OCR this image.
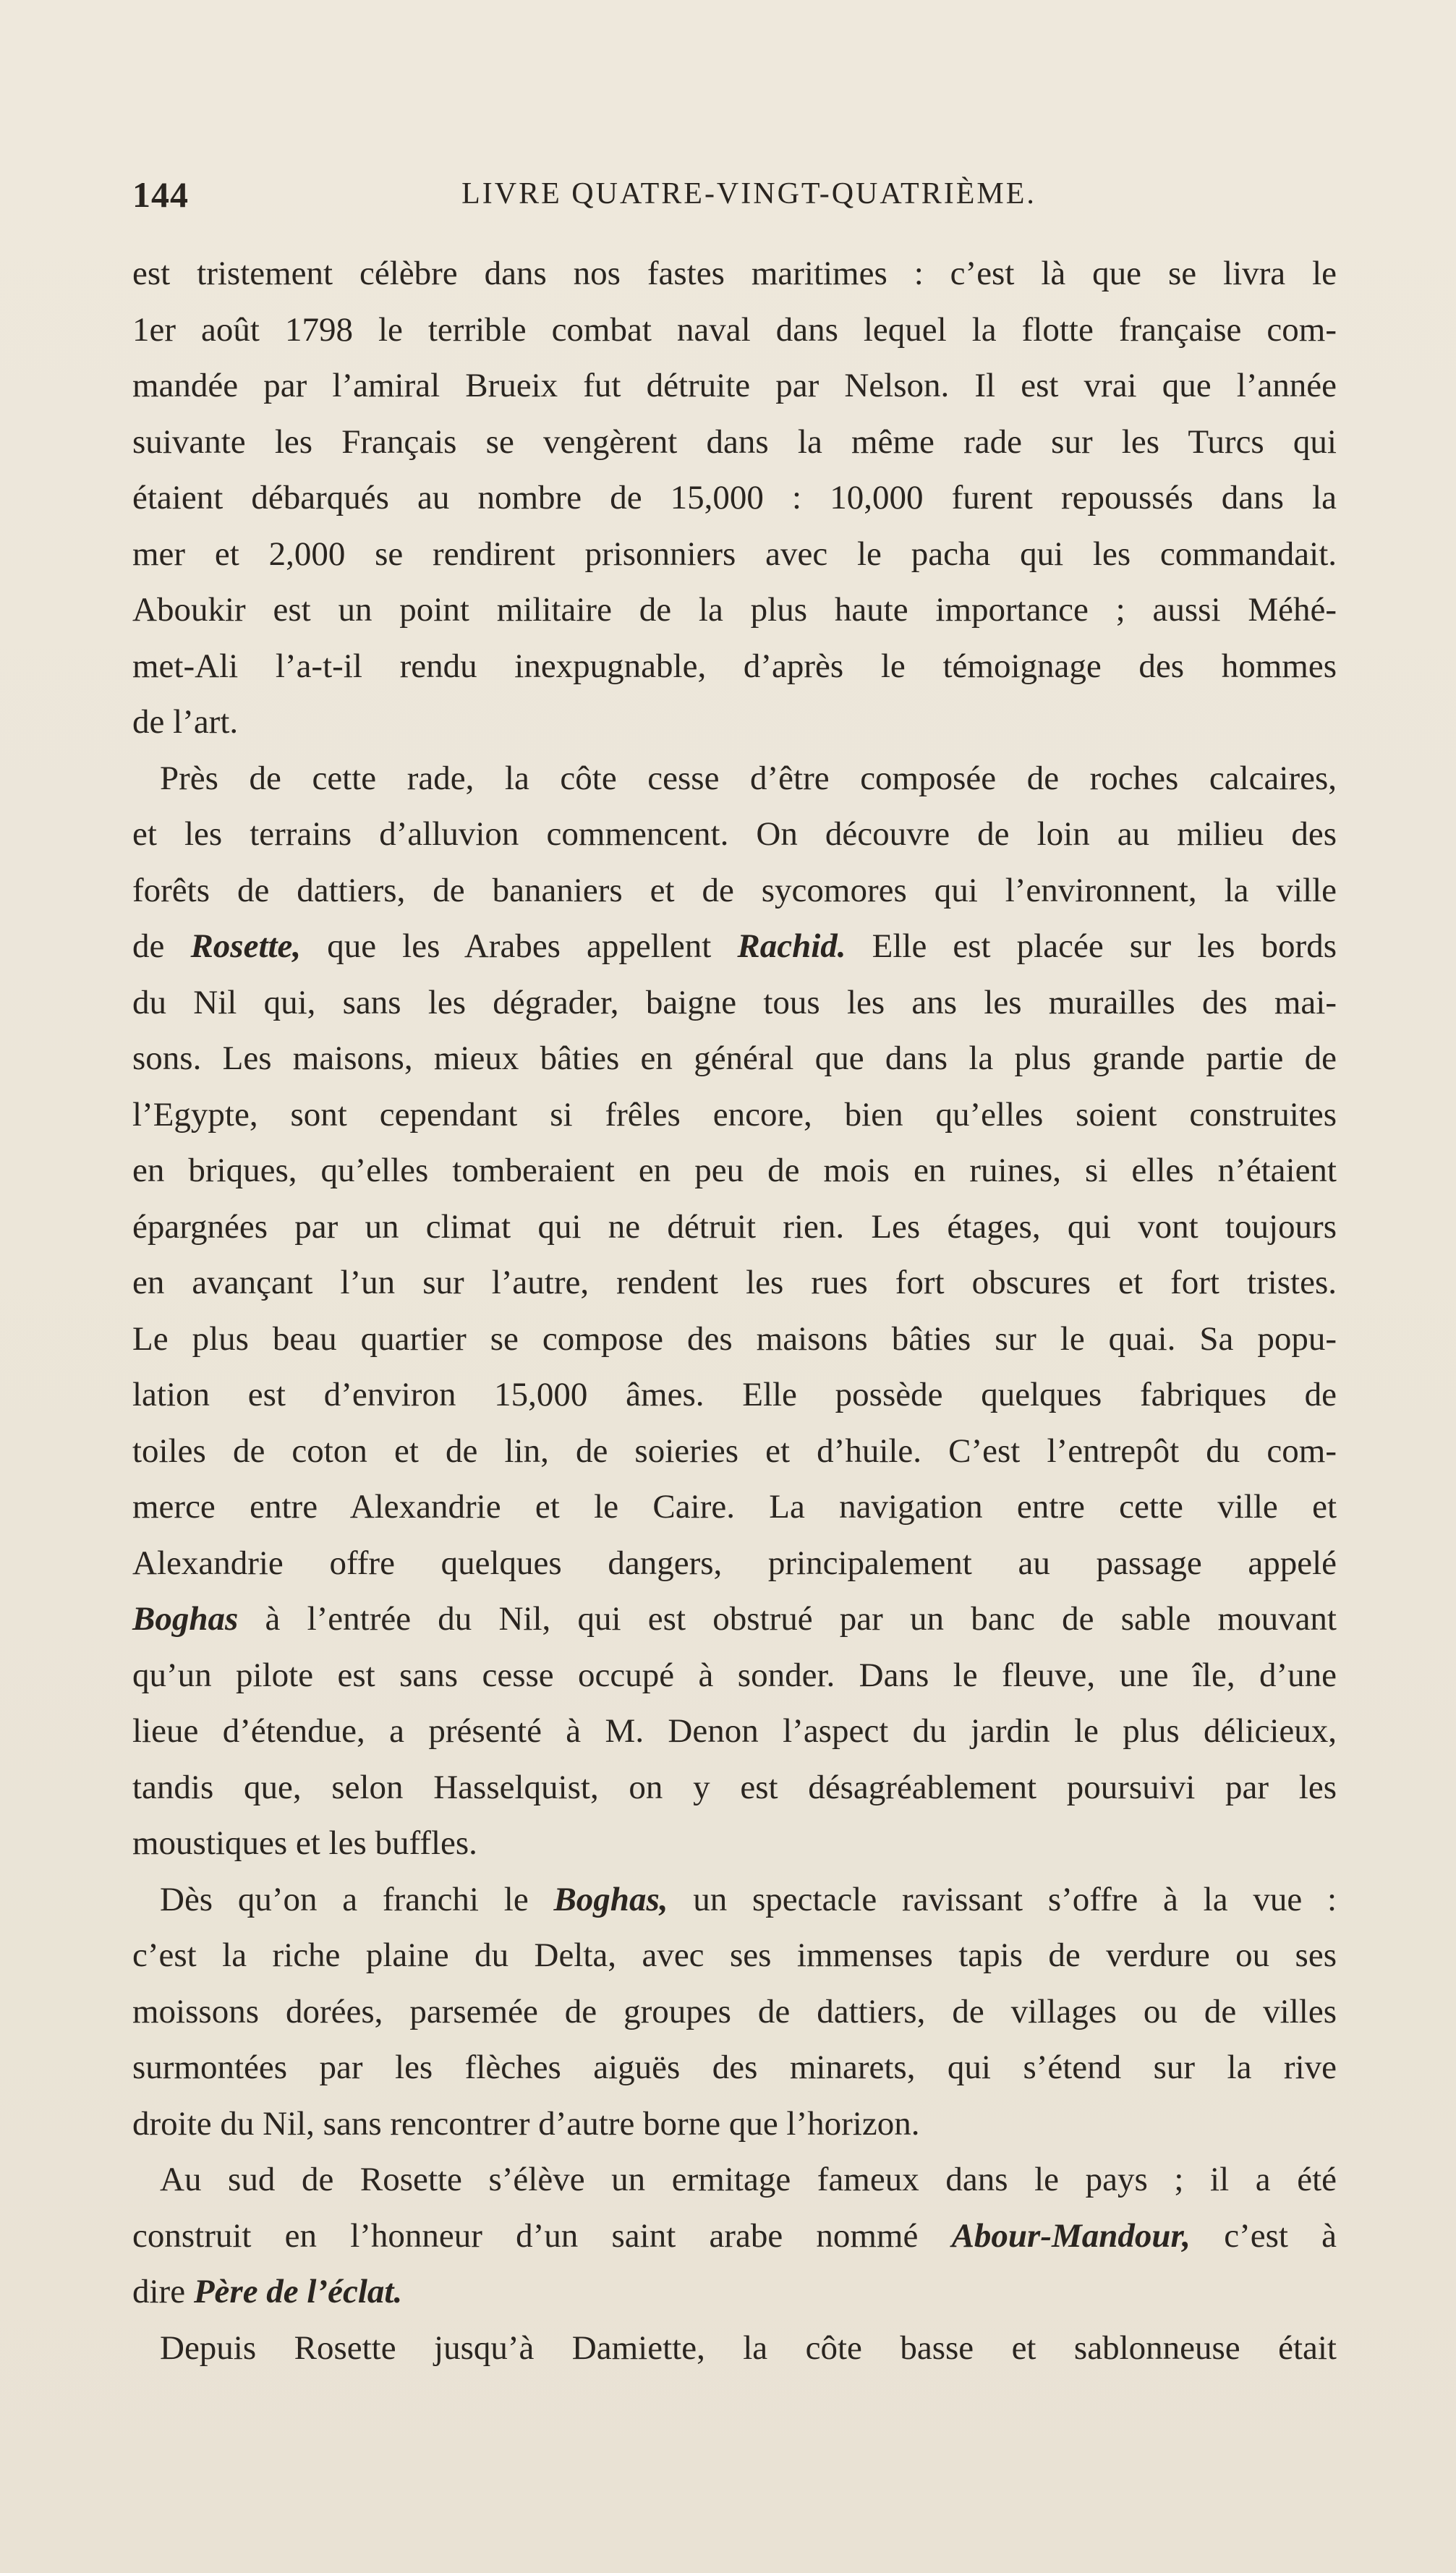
144	LIVRE QUATRE-VINGT-QUATRIÈME.

est tristement célèbre dans nos fastes maritimes : c’est là que se livra le

1er août 1798 le terrible combat naval dans lequel la flotte française com-

mandée par l’amiral Brueix fut détruite par Nelson. Il est vrai que l’année

suivante les Français se vengèrent dans la même rade sur les Turcs qui

étaient débarqués au nombre de 15,000 : 10,000 furent repoussés dans la

mer et 2,000 se rendirent prisonniers avec le pacha qui les commandait.

Aboukir est un point militaire de la plus haute importance ; aussi Méhé-

met-Ali l’a-t-il rendu inexpugnable, d’après le témoignage des hommes

de l’art.

Près de cette rade, la côte cesse d’être composée de roches calcaires,

et les terrains d’alluvion commencent. On découvre de loin au milieu des

forêts de dattiers, de bananiers et de sycomores qui l’environnent, la ville

de Rosette, que les Arabes appellent Rachid. Elle est placée sur les bords

du Nil qui, sans les dégrader, baigne tous les ans les murailles des mai-

sons. Les maisons, mieux bâties en général que dans la plus grande partie de

l’Egypte, sont cependant si frêles encore, bien qu’elles soient construites

en briques, qu’elles tomberaient en peu de mois en ruines, si elles n’étaient

épargnées par un climat qui ne détruit rien. Les étages, qui vont toujours

en avançant l’un sur l’autre, rendent les rues fort obscures et fort tristes.

Le plus beau quartier se compose des maisons bâties sur le quai. Sa popu-

lation est d’environ 15,000 âmes. Elle possède quelques fabriques de

toiles de coton et de lin, de soieries et d’huile. C’est l’entrepôt du com-

merce entre Alexandrie et le Caire. La navigation entre cette ville et

Alexandrie offre quelques dangers, principalement au passage appelé

Boghas à l’entrée du Nil, qui est obstrué par un banc de sable mouvant

qu’un pilote est sans cesse occupé à sonder. Dans le fleuve, une île, d’une

lieue d’étendue, a présenté à M. Denon l’aspect du jardin le plus délicieux,

tandis que, selon Hasselquist, on y est désagréablement poursuivi par les

moustiques et les buffles.

Dès qu’on a franchi le Boghas, un spectacle ravissant s’offre à la vue :

c’est la riche plaine du Delta, avec ses immenses tapis de verdure ou ses

moissons dorées, parsemée de groupes de dattiers, de villages ou de villes

surmontées par les flèches aiguës des minarets, qui s’étend sur la rive

droite du Nil, sans rencontrer d’autre borne que l’horizon.

Au sud de Rosette s’élève un ermitage fameux dans le pays ; il a été

construit en l’honneur d’un saint arabe nommé Abour-Mandour, c’est à

dire Père de l’éclat.

Depuis Rosette jusqu’à Damiette, la côte basse et sablonneuse était
